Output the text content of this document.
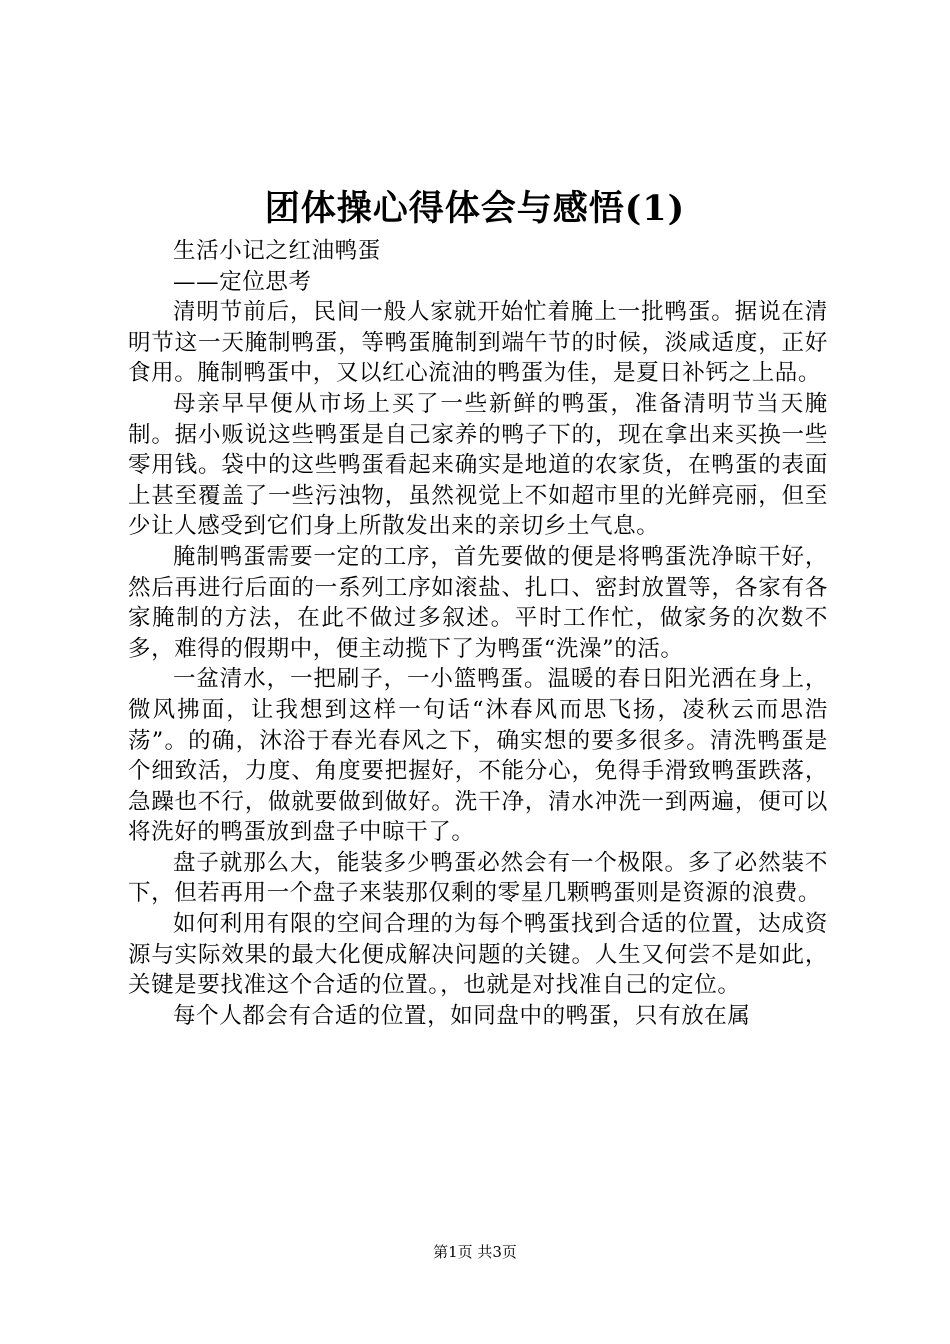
团体操心得体会与感悟(1)

生活小记之红油鸭蛋

——定位思考

清明节前后，民间一般人家就开始忙着腌上一批鸭蛋。据说在清明节这一天腌制鸭蛋，等鸭蛋腌制到端午节的时候，淡咸适度，正好食用。腌制鸭蛋中，又以红心流油的鸭蛋为佳，是夏日补钙之上品。

母亲早早便从市场上买了一些新鲜的鸭蛋，准备清明节当天腌制。据小贩说这些鸭蛋是自己家养的鸭子下的，现在拿出来买换一些零用钱。袋中的这些鸭蛋看起来确实是地道的农家货，在鸭蛋的表面上甚至覆盖了一些污浊物，虽然视觉上不如超市里的光鲜亮丽，但至少让人感受到它们身上所散发出来的亲切乡土气息。

腌制鸭蛋需要一定的工序，首先要做的便是将鸭蛋洗净晾干好，然后再进行后面的一系列工序如滚盐、扎口、密封放置等，各家有各家腌制的方法，在此不做过多叙述。平时工作忙，做家务的次数不多，难得的假期中，便主动揽下了为鸭蛋“洗澡”的活。

一盆清水，一把刷子，一小篮鸭蛋。温暖的春日阳光洒在身上，微风拂面，让我想到这样一句话“沐春风而思飞扬，凌秋云而思浩荡”。的确，沐浴于春光春风之下，确实想的要多很多。清洗鸭蛋是个细致活，力度、角度要把握好，不能分心，免得手滑致鸭蛋跌落，急躁也不行，做就要做到做好。洗干净，清水冲洗一到两遍，便可以将洗好的鸭蛋放到盘子中晾干了。

盘子就那么大，能装多少鸭蛋必然会有一个极限。多了必然装不下，但若再用一个盘子来装那仅剩的零星几颗鸭蛋则是资源的浪费。

如何利用有限的空间合理的为每个鸭蛋找到合适的位置，达成资源与实际效果的最大化便成解决问题的关键。人生又何尝不是如此，关键是要找准这个合适的位置。，也就是对找准自己的定位。

每个人都会有合适的位置，如同盘中的鸭蛋，只有放在属

第1页 共3页
